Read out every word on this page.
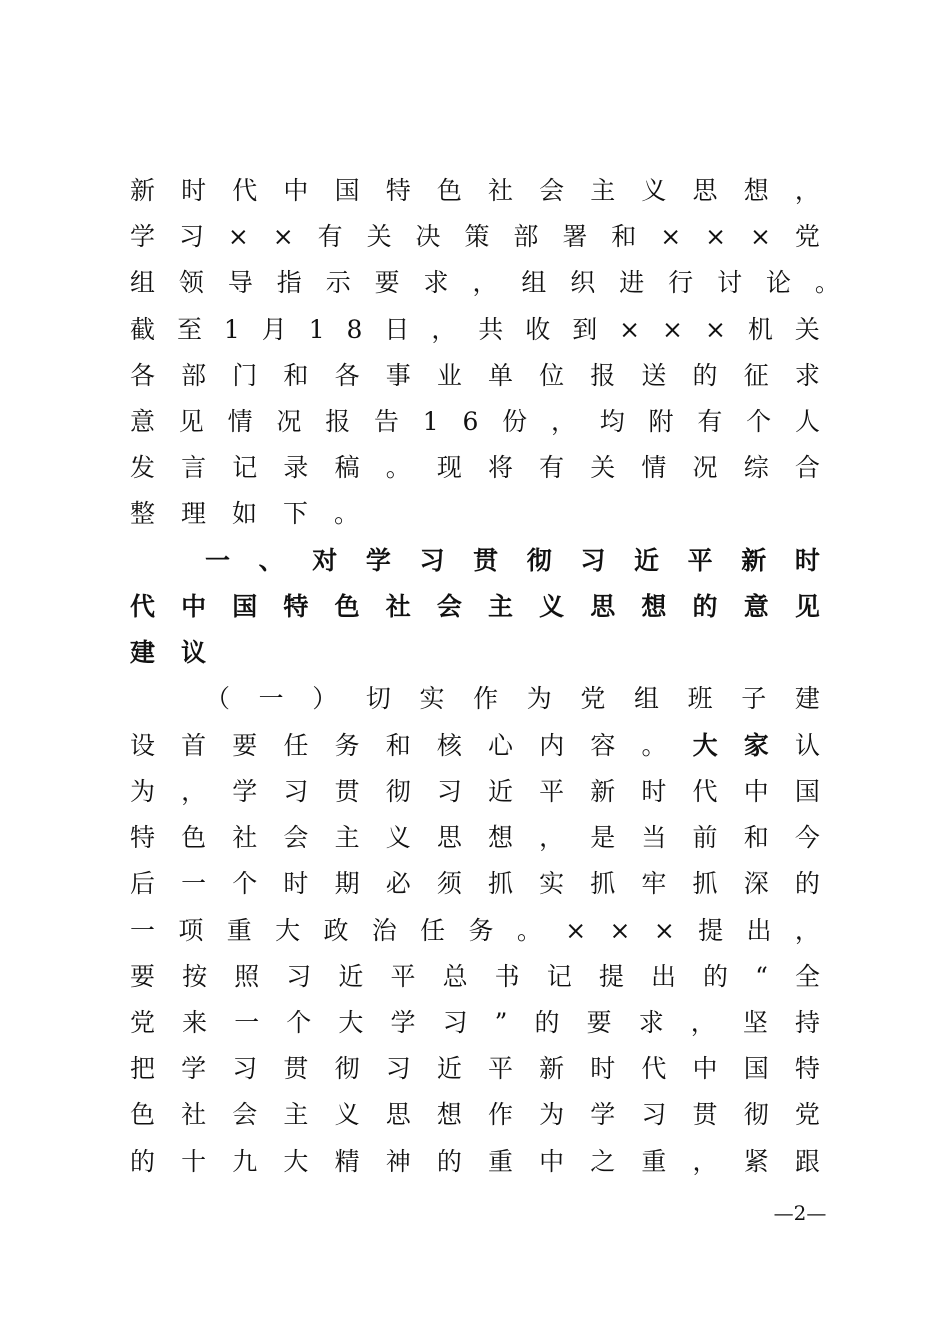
新 时 代 中 国 特 色 社 会 主 义 思 想 ，
学 习 × × 有 关 决 策 部 署 和 × × × 党
组 领 导 指 示 要 求 ， 组 织 进 行 讨 论 。
截 至 1 月 1 8 日 ， 共 收 到 × × × 机 关
各 部 门 和 各 事 业 单 位 报 送 的 征 求
意 见 情 况 报 告 1 6 份 ， 均 附 有 个 人
发 言 记 录 稿 。 现 将 有 关 情 况 综 合
整理如下。
一 、 对 学 习 贯 彻 习 近 平 新 时
代 中 国 特 色 社 会 主 义 思 想 的 意 见
建议
（ 一 ） 切 实 作 为 党 组 班 子 建
设首要任务和核心内容。大家认
为 ， 学 习 贯 彻 习 近 平 新 时 代 中 国
特 色 社 会 主 义 思 想 ， 是 当 前 和 今
后 一 个 时 期 必 须 抓 实 抓 牢 抓 深 的
一 项 重 大 政 治 任 务 。 × × × 提 出 ，
要 按 照 习 近 平 总 书 记 提 出 的 “ 全
党 来 一 个 大 学 习 ” 的 要 求 ， 坚 持
把 学 习 贯 彻 习 近 平 新 时 代 中 国 特
色 社 会 主 义 思 想 作 为 学 习 贯 彻 党
的 十 九 大 精 神 的 重 中 之 重 ， 紧 跟
—2—
